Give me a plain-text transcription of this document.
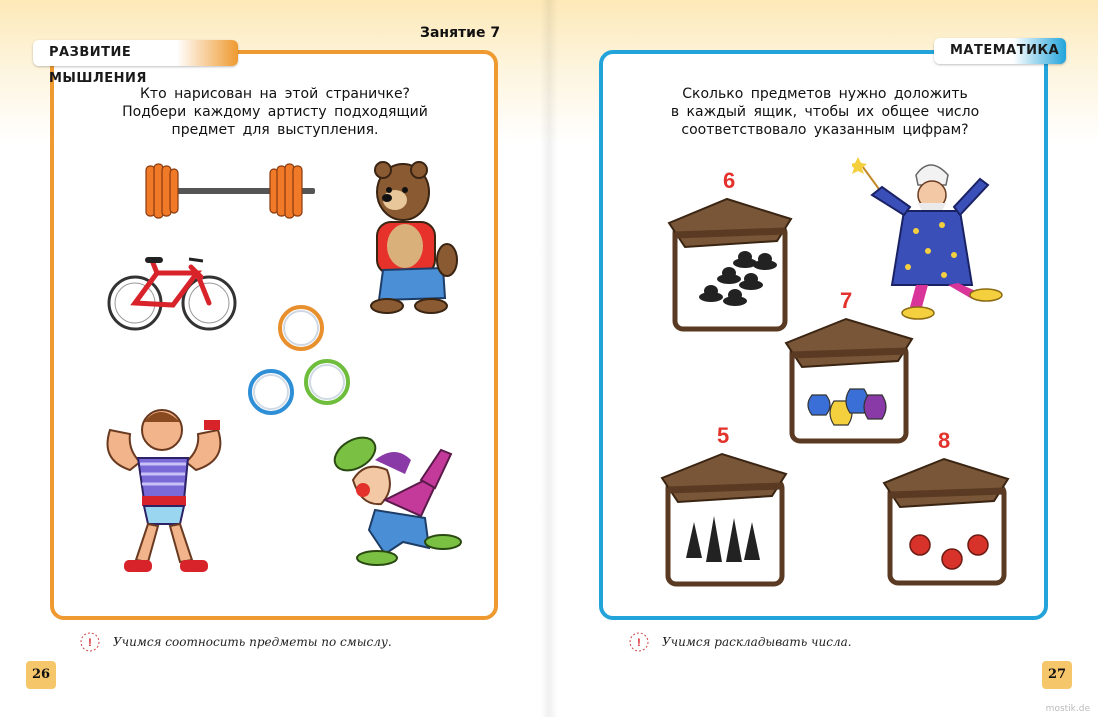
Занятие 7
РАЗВИТИЕ МЫШЛЕНИЯ
Кто нарисован на этой страничке?
Подбери каждому артисту подходящий
предмет для выступления.
! Учимся соотносить предметы по смыслу.
26
МАТЕМАТИКА
Сколько предметов нужно доложить
в каждый ящик, чтобы их общее число
соответствовало указанным цифрам?
6
7
5	8
! Учимся раскладывать числа.
27
mostik.de
